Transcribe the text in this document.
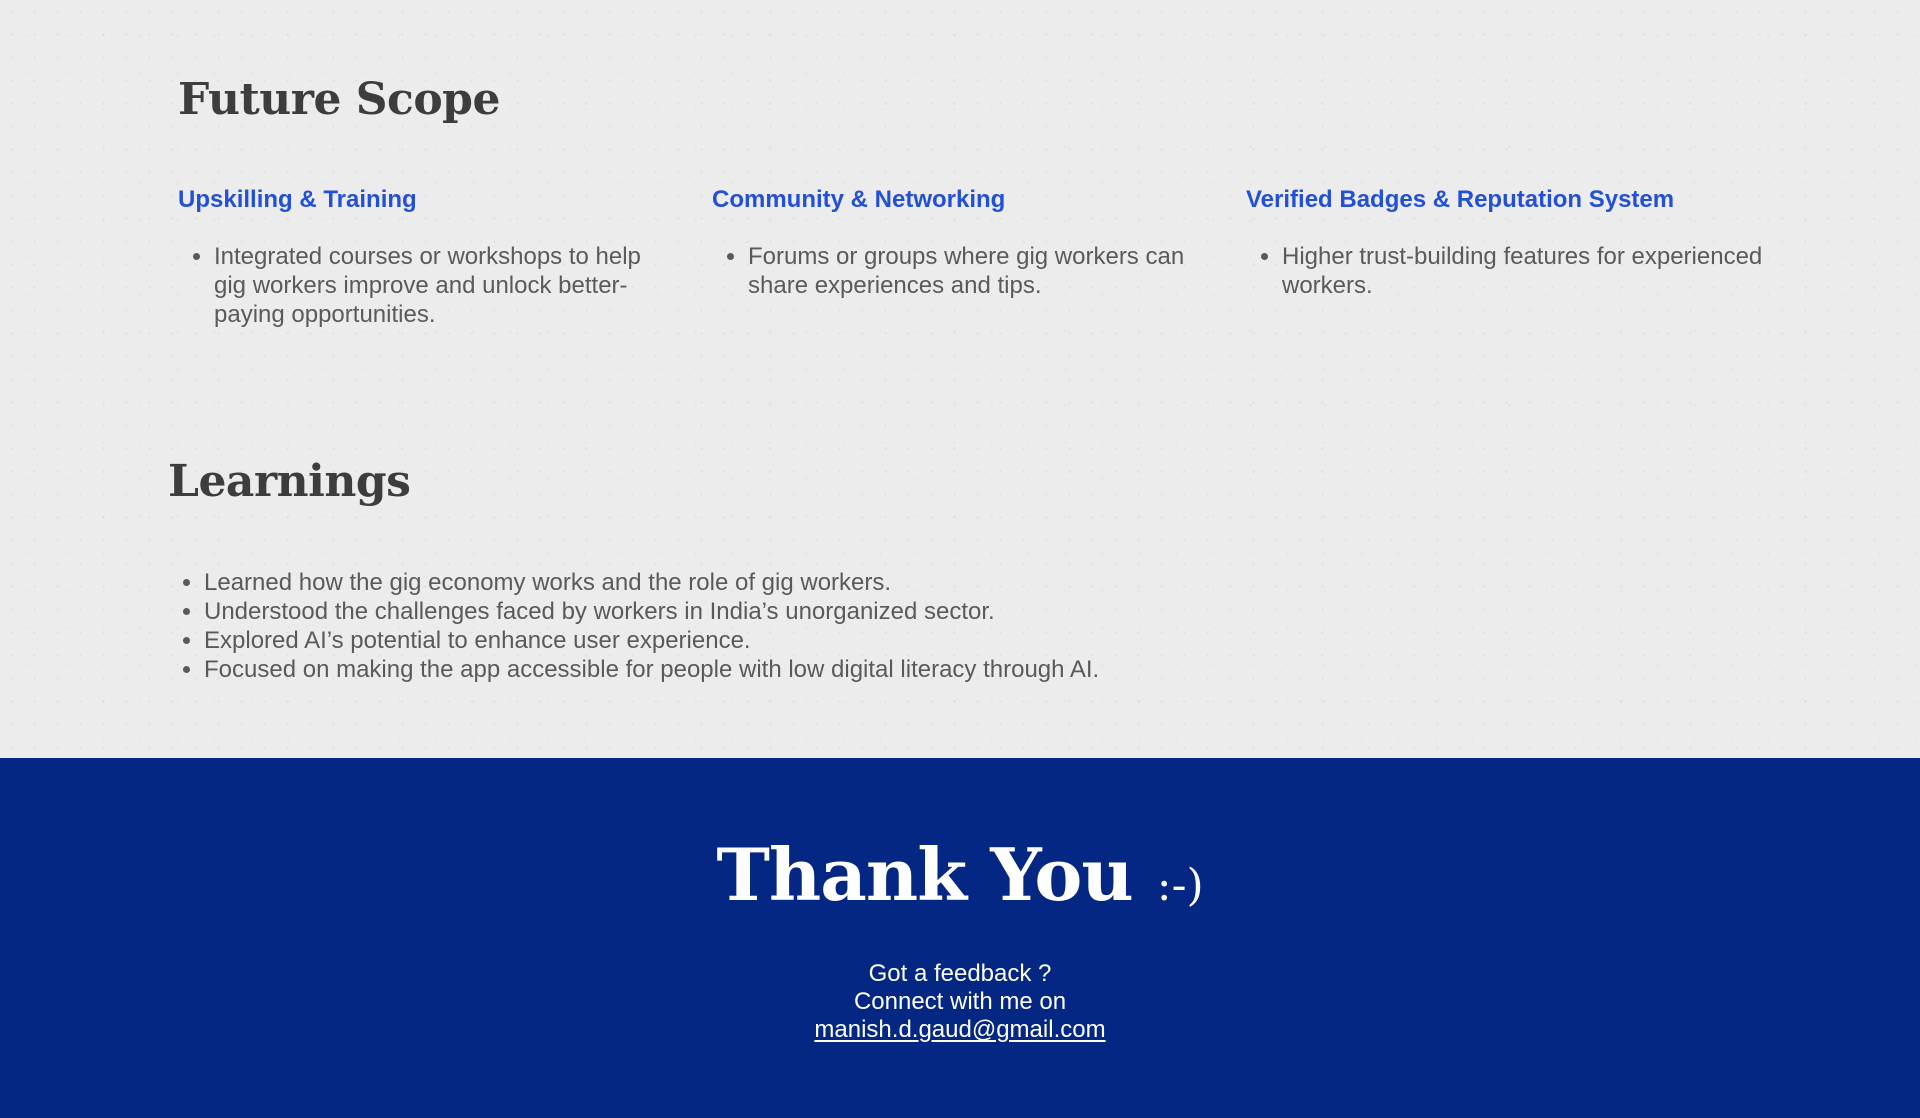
Future Scope
Upskilling & Training
• Integrated courses or workshops to help gig workers improve and unlock better-paying opportunities.
Community & Networking
• Forums or groups where gig workers can share experiences and tips.
Verified Badges & Reputation System
• Higher trust-building features for experienced workers.
Learnings
• Learned how the gig economy works and the role of gig workers.
• Understood the challenges faced by workers in India’s unorganized sector.
• Explored AI’s potential to enhance user experience.
• Focused on making the app accessible for people with low digital literacy through AI.
Thank You :-)
Got a feedback ?
Connect with me on
manish.d.gaud@gmail.com
